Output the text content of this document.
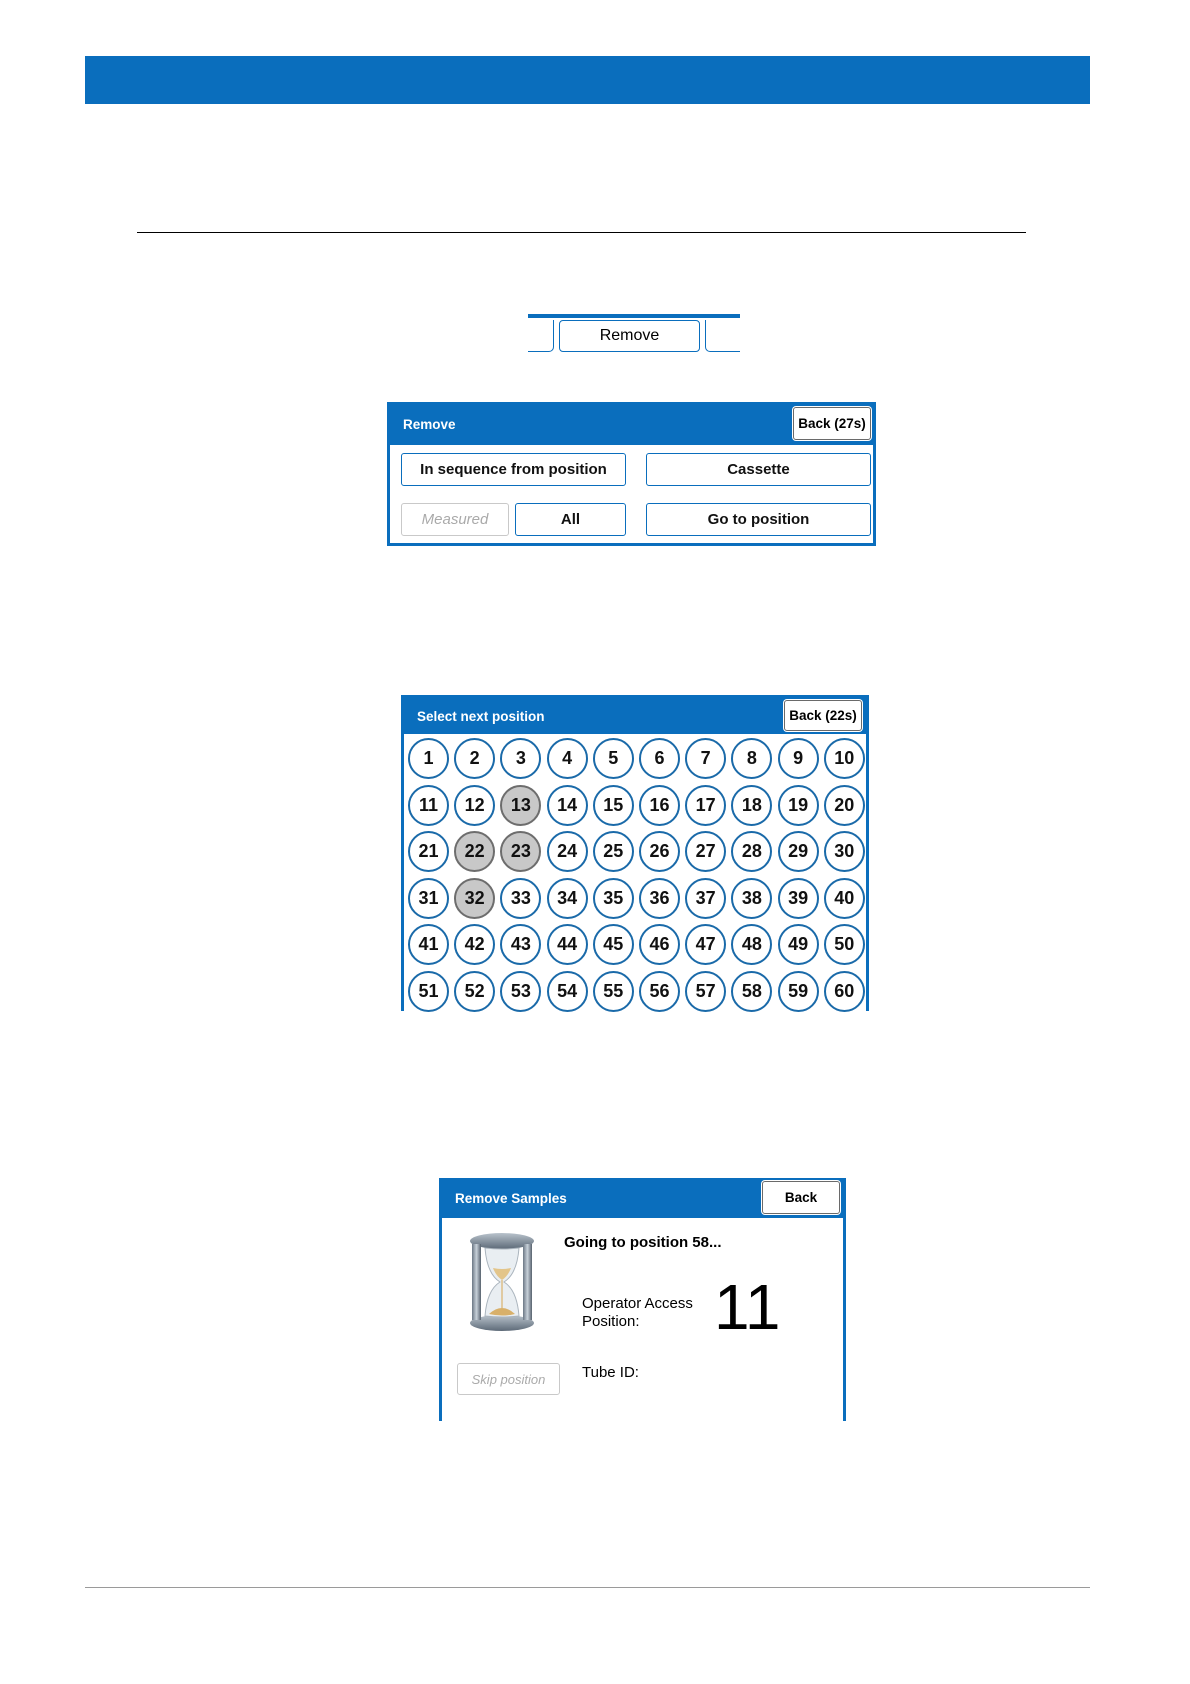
Remove
Remove	Back (27s)
In sequence from position	Cassette
Measured	All	Go to position
Select next position	Back (22s)
1	2	3	4	5	6	7	8	9	10
11	12	13	14	15	16	17	18	19	20
21	22	23	24	25	26	27	28	29	30
31	32	33	34	35	36	37	38	39	40
41	42	43	44	45	46	47	48	49	50
51	52	53	54	55	56	57	58	59	60
Remove Samples	Back
Going to position 58...
Operator Access Position:	11
Tube ID:
Skip position
